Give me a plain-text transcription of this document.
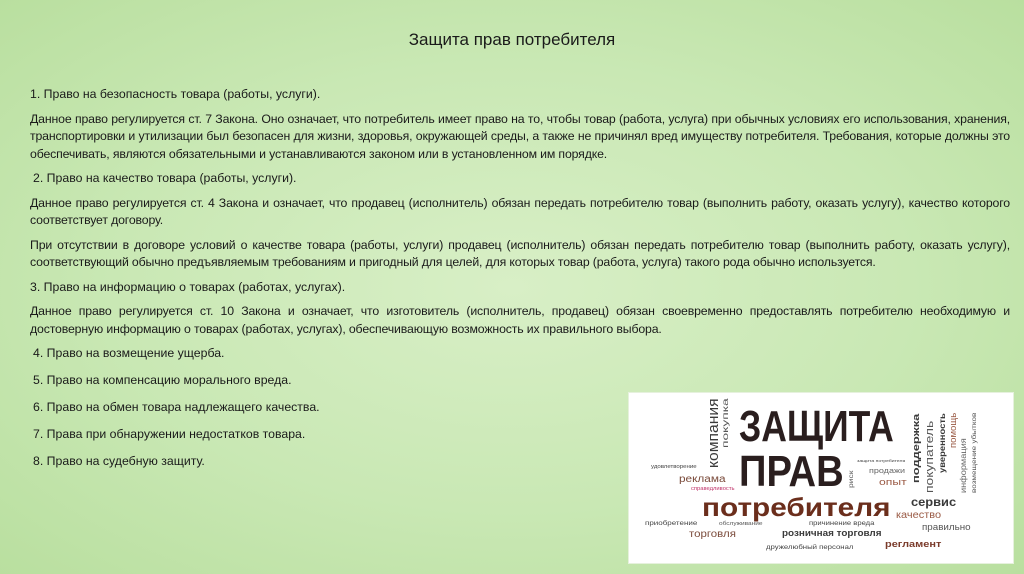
Защита прав потребителя
1. Право на безопасность товара (работы, услуги).
Данное право регулируется ст. 7 Закона. Оно означает, что потребитель имеет право на то, чтобы товар (работа, услуга) при обычных условиях его использования, хранения, транспортировки и утилизации был безопасен для жизни, здоровья, окружающей среды, а также не причинял вред имуществу потребителя. Требования, которые должны это обеспечивать, являются обязательными и устанавливаются законом или в установленном им порядке.
2. Право на качество товара (работы, услуги).
Данное право регулируется ст. 4 Закона и означает, что продавец (исполнитель) обязан передать потребителю товар (выполнить работу, оказать услугу), качество которого соответствует договору.
При отсутствии в договоре условий о качестве товара (работы, услуги) продавец (исполнитель) обязан передать потребителю товар (выполнить работу, оказать услугу), соответствующий обычно предъявляемым требованиям и пригодный для целей, для которых товар (работа, услуга) такого рода обычно используется.
3. Право на информацию о товарах (работах, услугах).
Данное право регулируется ст. 10 Закона и означает, что изготовитель (исполнитель, продавец) обязан своевременно предоставлять потребителю необходимую и достоверную информацию о товарах (работах, услугах), обеспечивающую возможность их правильного выбора.
4. Право на возмещение ущерба.
5. Право на компенсацию морального вреда.
6. Право на обмен товара надлежащего качества.
7. Права при обнаружении недостатков товара.
8. Право на судебную защиту.
ЗАЩИТА
ПРАВ
потребителя
компания покупка
удовлетворение
реклама
справедливость
приобретение	обслуживание
торговля	розничная торговля
причинение вреда
дружелюбный персонал	регламент
правильно
качество
сервис
опыт
продажи
защита потребителя
риск	поддержка покупатель уверенность помощь
информация возмещение убытков
